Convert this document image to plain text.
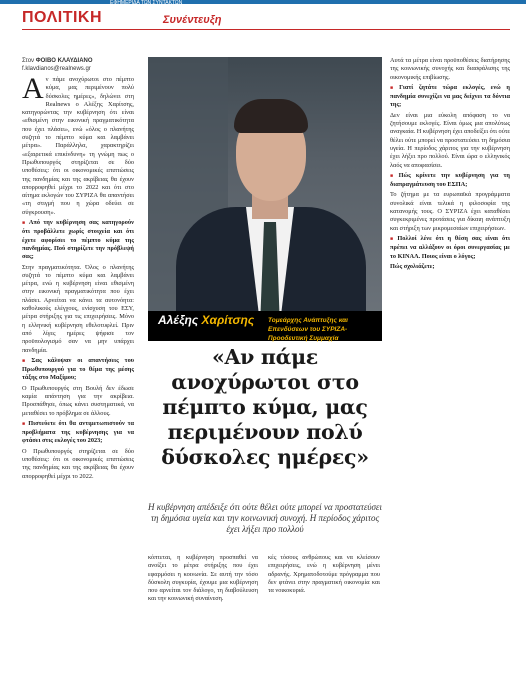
ΕΦΗΜΕΡΙΔΑ ΤΩΝ ΣΥΝΤΑΚΤΩΝ
ΠΟΛΙΤΙΚΗ	Συνέντευξη
Στον ΦΟΙΒΟ ΚΛΑΥΔΙΑΝΟ
f.klavdianos@realnews.gr

Αν πάμε ανοχύρωτοι στο πέμπτο κύμα, μας περιμένουν πολύ δύσκολες ημέρες», δηλώνει στη Realnews ο Αλέξης Χαρίτσης, κατηγορώντας την κυβέρνηση ότι είναι «εθισμένη στην εικονική πραγματικότητα που έχει πλάσει», ενώ «όλος ο πλανήτης συζητά το πέμπτο κύμα και λαμβάνει μέτρα». Παράλληλα, χαρακτηρίζει «εξαιρετικά επικίνδυνη» τη γνώμη πως ο Πρωθυπουργός στηρίζεται σε δύο υποθέσεις: ότι οι οικονομικές επιπτώσεις της πανδημίας και της ακρίβειας θα έχουν απορροφηθεί μέχρι το 2022 και ότι στο αίτημα εκλογών του ΣΥΡΙΖΑ θα απαντήσει «τη στιγμή που η χώρα οδεύει σε σύγκρουση».

■ Από την κυβέρνηση σας κατηγορούν ότι προβάλλετε χωρίς στοιχεία και ότι έχετε αφορίσει το πέμπτο κύμα της πανδημίας. Πού στηρίζετε την πρόβλεψή σας;

Στην πραγματικότητα. Όλος ο πλανήτης συζητά το πέμπτο κύμα και λαμβάνει μέτρα, ενώ η κυβέρνηση είναι εθισμένη στην εικονική πραγματικότητα που έχει πλάσει. Αρνείται να κάνει τα αυτονόητα: καθολικούς ελέγχους, ενίσχυση του ΕΣΥ, μέτρα στήριξης για τις επιχειρήσεις. Μόνο η ελληνική κυβέρνηση εθελοτυφλεί. Πριν από λίγες ημέρες ψήφισε τον προϋπολογισμό σαν να μην υπάρχει πανδημία.

■ Σας κάλυψαν οι απαντήσεις του Πρωθυπουργού για το θέμα της μέσης τάξης στο Μαξίμου;

Ο Πρωθυπουργός στη Βουλή δεν έδωσε καμία απάντηση για την ακρίβεια. Προσπάθησε, όπως κάνει συστηματικά, να μεταθέσει το πρόβλημα σε άλλους.

■ Πιστεύετε ότι θα αντιμετωπιστούν τα προβλήματα της κυβέρνησης για να φτάσει στις εκλογές του 2023;

Ο Πρωθυπουργός στηρίζεται σε δύο υποθέσεις: ότι οι οικονομικές επιπτώσεις της πανδημίας και της ακρίβειας θα έχουν απορροφηθεί μέχρι το 2022.

Αλέξης Χαρίτσης Τομεάρχης Ανάπτυξης και
Επενδύσεων του ΣΥΡΙΖΑ-Προοδευτική Συμμαχία
«Αν πάμε ανοχύρωτοι στο πέμπτο κύμα, μας περιμένουν πολύ δύσκολες ημέρες»
Η κυβέρνηση απέδειξε ότι ούτε θέλει ούτε μπορεί να προστατεύσει τη δημόσια υγεία και την κοινωνική συνοχή. Η περίοδος χάριτος έχει λήξει προ πολλού

κόπτεται, η κυβέρνηση προσπαθεί να ανοίξει το μέτρα στήριξης που έχει εφαρμόσει η κοινωνία. Σε αυτή την τόσο δύσκολη συγκυρία, έχουμε μια κυβέρνηση που αρνείται τον διάλογο, τη διαβούλευση και την κοινωνική συναίνεση.

κές τόσους ανθρώπους και να κλείσουν επιχειρήσεις, ενώ η κυβέρνηση μένει αδρανής. Χρηματοδοτούμε πρόγραμμα που δεν φτάνει στην πραγματική οικονομία και τα νοικοκυριά.

Αυτά τα μέτρα είναι προϋποθέσεις διατήρησης της κοινωνικής συνοχής και διασφάλισης της οικονομικής επιβίωσης.

■ Γιατί ζητάτε τώρα εκλογές, ενώ η πανδημία συνεχίζει να μας δείχνει τα δόντια της;

Δεν είναι μια εύκολη απόφαση το να ζητήσουμε εκλογές. Είναι όμως μια απολύτως αναγκαία. Η κυβέρνηση έχει αποδείξει ότι ούτε θέλει ούτε μπορεί να προστατεύσει τη δημόσια υγεία. Η περίοδος χάριτος για την κυβέρνηση έχει λήξει προ πολλού. Είναι ώρα ο ελληνικός λαός να αποφασίσει.

■ Πώς κρίνετε την κυβέρνηση για τη διαπραγμάτευση του ΕΣΠΑ;

Το ζήτημα με τα ευρωπαϊκά προγράμματα συνολικά είναι τελικά η φιλοσοφία της κατανομής τους. Ο ΣΥΡΙΖΑ έχει καταθέσει συγκεκριμένες προτάσεις για δίκαιη ανάπτυξη και στήριξη των μικρομεσαίων επιχειρήσεων.

■ Πολλοί λένε ότι η θέση σας είναι ότι πρέπει να αλλάξουν οι όροι συνεργασίας με το ΚΙΝΑΛ. Ποιος είναι ο λόγος;

Πώς σχολιάζετε;
